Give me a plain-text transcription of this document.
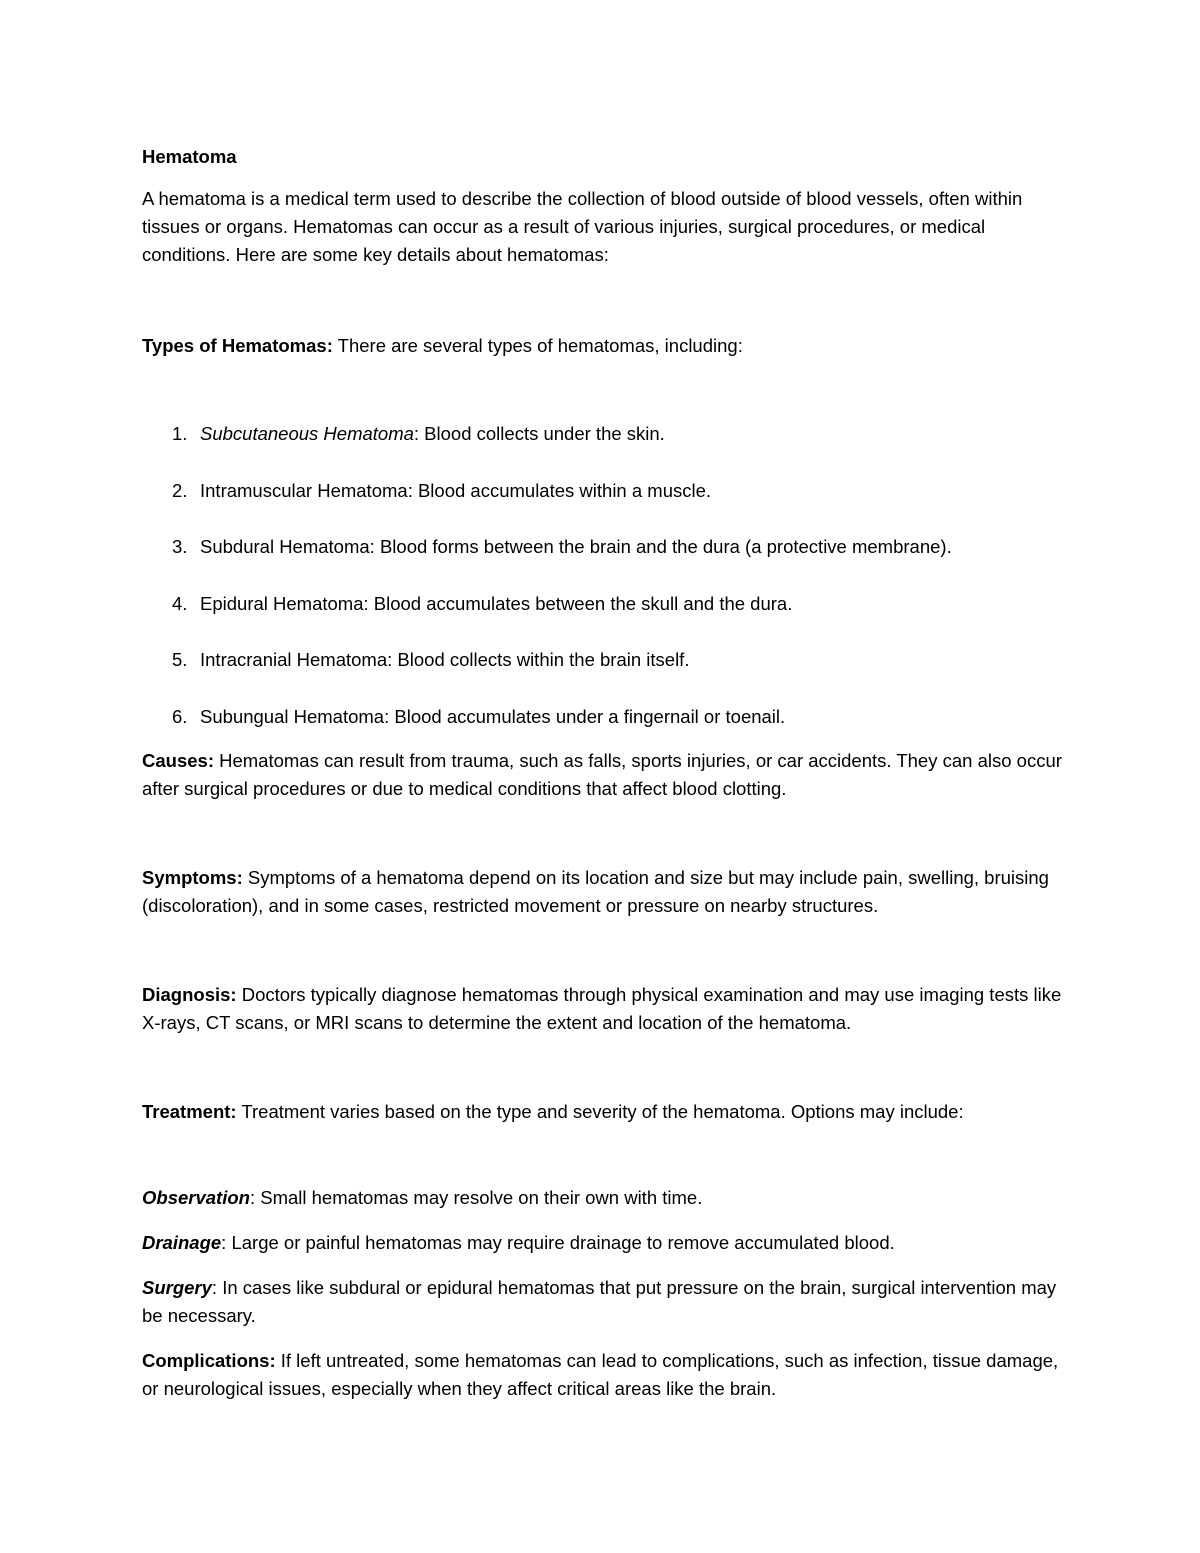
Hematoma

A hematoma is a medical term used to describe the collection of blood outside of blood vessels, often within tissues or organs. Hematomas can occur as a result of various injuries, surgical procedures, or medical conditions. Here are some key details about hematomas:

Types of Hematomas: There are several types of hematomas, including:

1. Subcutaneous Hematoma: Blood collects under the skin.

2. Intramuscular Hematoma: Blood accumulates within a muscle.

3. Subdural Hematoma: Blood forms between the brain and the dura (a protective membrane).

4. Epidural Hematoma: Blood accumulates between the skull and the dura.

5. Intracranial Hematoma: Blood collects within the brain itself.

6. Subungual Hematoma: Blood accumulates under a fingernail or toenail.

Causes: Hematomas can result from trauma, such as falls, sports injuries, or car accidents. They can also occur after surgical procedures or due to medical conditions that affect blood clotting.

Symptoms: Symptoms of a hematoma depend on its location and size but may include pain, swelling, bruising (discoloration), and in some cases, restricted movement or pressure on nearby structures.

Diagnosis: Doctors typically diagnose hematomas through physical examination and may use imaging tests like X-rays, CT scans, or MRI scans to determine the extent and location of the hematoma.

Treatment: Treatment varies based on the type and severity of the hematoma. Options may include:

Observation: Small hematomas may resolve on their own with time.

Drainage: Large or painful hematomas may require drainage to remove accumulated blood.

Surgery: In cases like subdural or epidural hematomas that put pressure on the brain, surgical intervention may be necessary.

Complications: If left untreated, some hematomas can lead to complications, such as infection, tissue damage, or neurological issues, especially when they affect critical areas like the brain.
